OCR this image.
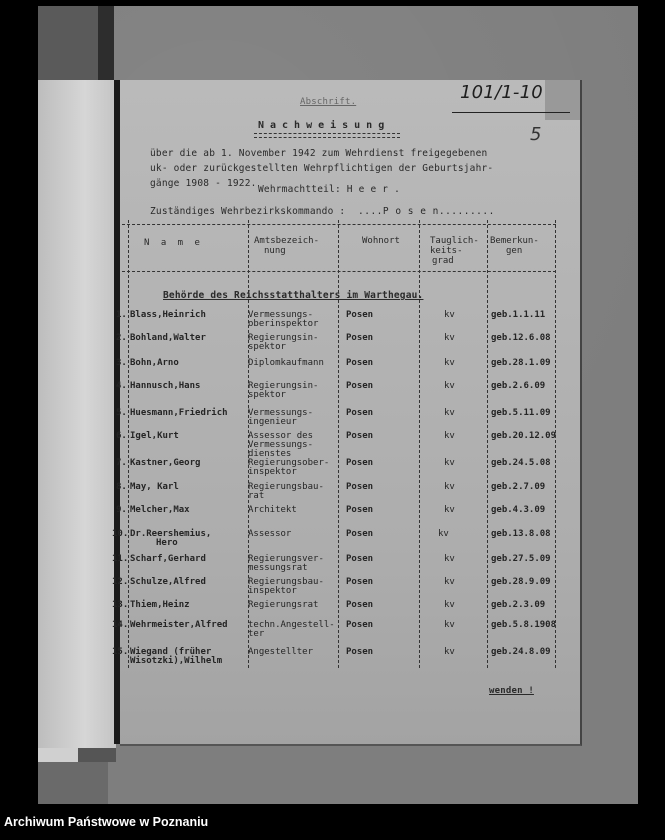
Abschrift.	101/1-10
5
Nachweisung
über die ab 1. November 1942 zum Wehrdienst freigegebenen
uk- oder zurückgestellten Wehrpflichtigen der Geburtsjahr-
gänge 1908 - 1922.
Wehrmachtteil: H e e r .
Zuständiges Wehrbezirkskommando : ....P o s e n.........
N a m e	Amtsbezeich-
nung
Wohnort	Tauglich-
keits-
grad
Bemerkun-
gen
Behörde des Reichsstatthalters im Warthegau.
1. Blass,Heinrich	Vermessungs-
oberinspektor
Posen	kv	geb.1.1.11
2. Bohland,Walter	Regierungsin-
spektor
Posen	kv	geb.12.6.08
3. Bohn,Arno	Diplomkaufmann Posen	kv	geb.28.1.09
4. Hannusch,Hans	Regierungsin-
spektor
Posen	kv	geb.2.6.09
5. Huesmann,Friedrich Vermessungs-
ingenieur
Posen	kv	geb.5.11.09
6. Igel,Kurt	Assessor des
Vermessungs-
dienstes
Posen	kv	geb.20.12.09
7. Kastner,Georg	Regierungsober-
inspektor
Posen	kv	geb.24.5.08
8. May, Karl	Regierungsbau-
rat
Posen	kv	geb.2.7.09
9. Melcher,Max	Architekt	Posen	kv	geb.4.3.09
10. Dr.Reershemius,
Hero
Assessor	Posen	kv	geb.13.8.08
11. Scharf,Gerhard	Regierungsver-
messungsrat
Posen	kv	geb.27.5.09
12. Schulze,Alfred	Regierungsbau-
inspektor
Posen	kv	geb.28.9.09
13. Thiem,Heinz	Regierungsrat	Posen	kv	geb.2.3.09
14. Wehrmeister,Alfred techn.Angestell-
ter
Posen	kv	geb.5.8.1908
15. Wiegand (früher
Wisotzki),Wilhelm
Angestellter	Posen	kv	geb.24.8.09
wenden !
Archiwum Państwowe w Poznaniu
